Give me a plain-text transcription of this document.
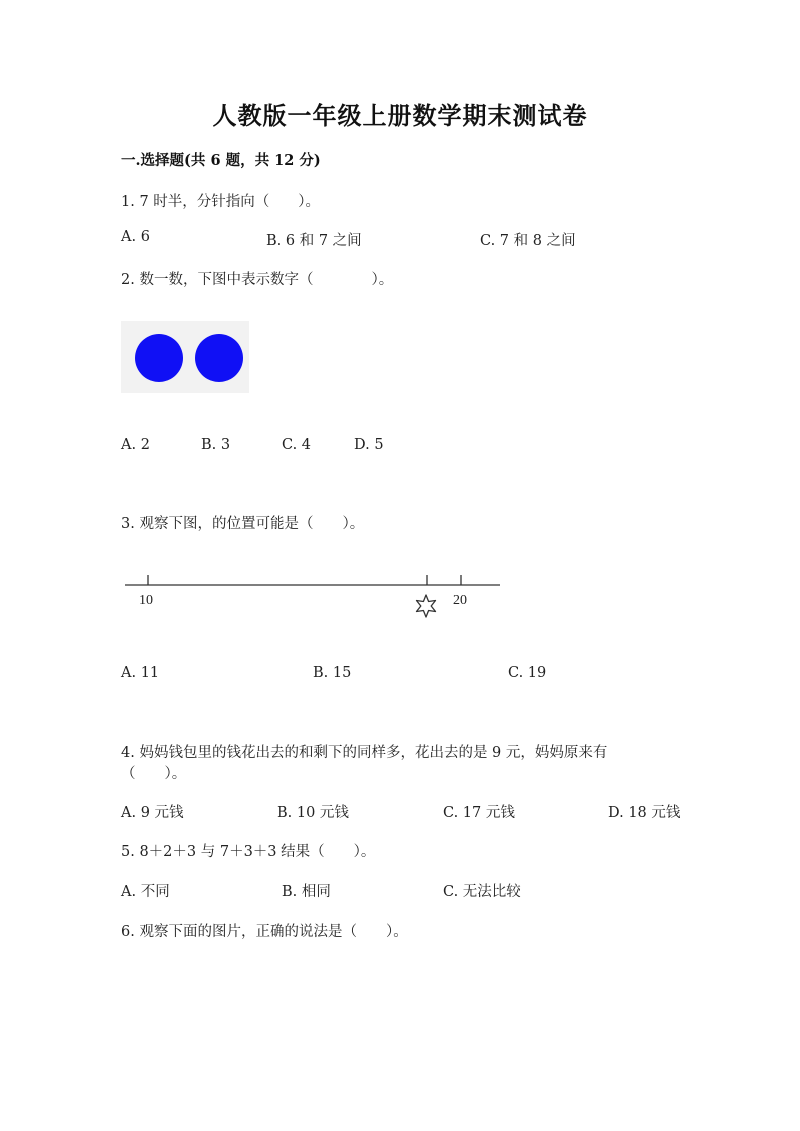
人教版一年级上册数学期末测试卷
一.选择题(共 6 题，共 12 分)
1. 7 时半，分针指向（　　）。
A. 6	B. 6 和 7 之间	C. 7 和 8 之间
2. 数一数，下图中表示数字（　　　　）。
A. 2	B. 3	C. 4	D. 5
3. 观察下图，的位置可能是（　　）。
10	20
A. 11	B. 15	C. 19
4. 妈妈钱包里的钱花出去的和剩下的同样多，花出去的是 9 元，妈妈原来有
（　　）。
A. 9 元钱	B. 10 元钱	C. 17 元钱	D. 18 元钱
5. 8＋2＋3 与 7＋3＋3 结果（　　）。
A. 不同	B. 相同	C. 无法比较
6. 观察下面的图片，正确的说法是（　　）。
